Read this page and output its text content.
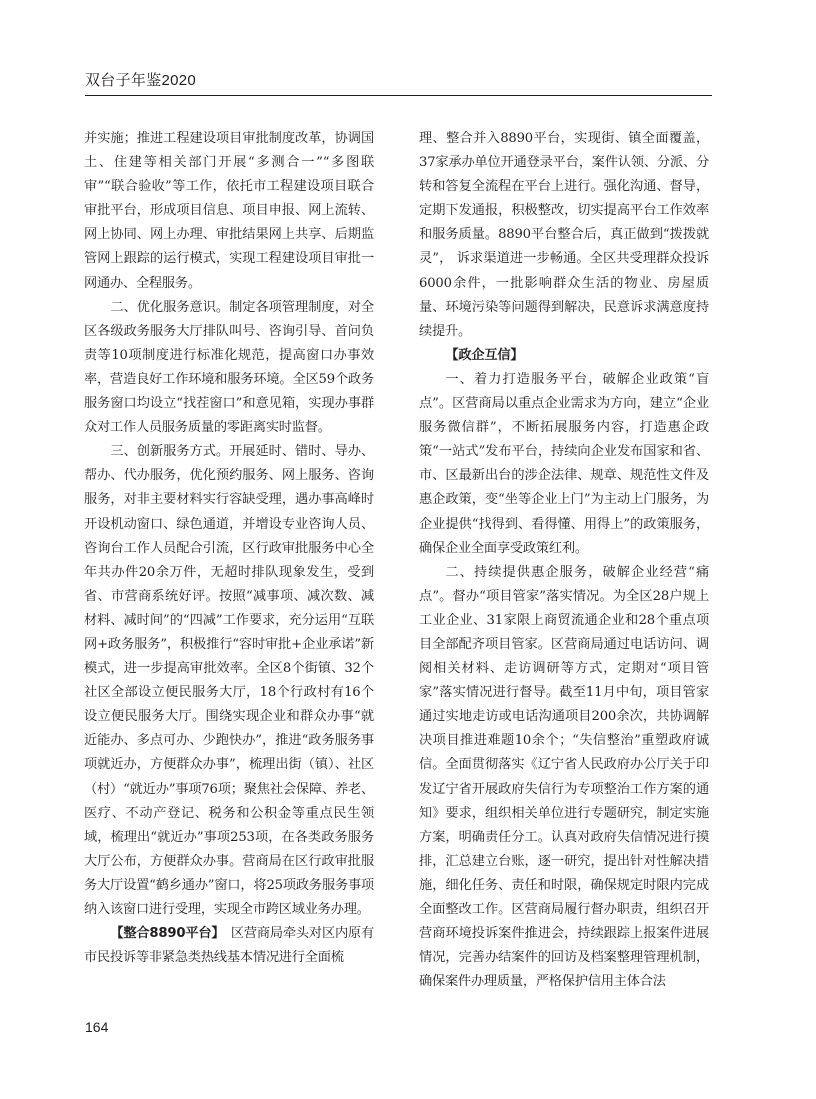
双台子年鉴2020

并实施；推进工程建设项目审批制度改革，协调国土、住建等相关部门开展“多测合一”“多图联审”“联合验收”等工作，依托市工程建设项目联合审批平台，形成项目信息、项目申报、网上流转、网上协同、网上办理、审批结果网上共享、后期监管网上跟踪的运行模式，实现工程建设项目审批一网通办、全程服务。

二、优化服务意识。制定各项管理制度，对全区各级政务服务大厅排队叫号、咨询引导、首问负责等10项制度进行标准化规范，提高窗口办事效率，营造良好工作环境和服务环境。全区59个政务服务窗口均设立“找茬窗口”和意见箱，实现办事群众对工作人员服务质量的零距离实时监督。

三、创新服务方式。开展延时、错时、导办、帮办、代办服务，优化预约服务、网上服务、咨询服务，对非主要材料实行容缺受理，遇办事高峰时开设机动窗口、绿色通道，并增设专业咨询人员、咨询台工作人员配合引流，区行政审批服务中心全年共办件20余万件，无超时排队现象发生，受到省、市营商系统好评。按照“减事项、减次数、减材料、减时间”的“四减”工作要求，充分运用“互联网+政务服务”，积极推行“容时审批+企业承诺”新模式，进一步提高审批效率。全区8个街镇、32个社区全部设立便民服务大厅，18个行政村有16个设立便民服务大厅。围绕实现企业和群众办事“就近能办、多点可办、少跑快办”，推进“政务服务事项就近办，方便群众办事”，梳理出街（镇）、社区（村）“就近办”事项76项；聚焦社会保障、养老、医疗、不动产登记、税务和公积金等重点民生领域，梳理出“就近办”事项253项，在各类政务服务大厅公布，方便群众办事。营商局在区行政审批服务大厅设置“鹤乡通办”窗口，将25项政务服务事项纳入该窗口进行受理，实现全市跨区域业务办理。

【整合8890平台】　 区营商局牵头对区内原有市民投诉等非紧急类热线基本情况进行全面梳

理、整合并入8890平台，实现街、镇全面覆盖，37家承办单位开通登录平台，案件认领、分派、分转和答复全流程在平台上进行。强化沟通、督导，定期下发通报，积极整改，切实提高平台工作效率和服务质量。8890平台整合后，真正做到“拨拨就灵”， 诉求渠道进一步畅通。全区共受理群众投诉6000余件，一批影响群众生活的物业、房屋质量、环境污染等问题得到解决，民意诉求满意度持续提升。

【政企互信】

一、着力打造服务平台，破解企业政策“盲点”。区营商局以重点企业需求为方向，建立“企业服务微信群”，不断拓展服务内容，打造惠企政策“一站式”发布平台，持续向企业发布国家和省、市、区最新出台的涉企法律、规章、规范性文件及惠企政策，变“坐等企业上门”为主动上门服务，为企业提供“找得到、看得懂、用得上”的政策服务，确保企业全面享受政策红利。

二、持续提供惠企服务，破解企业经营“痛点”。督办“项目管家”落实情况。为全区28户规上工业企业、31家限上商贸流通企业和28个重点项目全部配齐项目管家。区营商局通过电话访问、调阅相关材料、走访调研等方式，定期对“项目管家”落实情况进行督导。截至11月中旬，项目管家通过实地走访或电话沟通项目200余次，共协调解决项目推进难题10余个；“失信整治”重塑政府诚信。全面贯彻落实《辽宁省人民政府办公厅关于印发辽宁省开展政府失信行为专项整治工作方案的通知》要求，组织相关单位进行专题研究，制定实施方案，明确责任分工。认真对政府失信情况进行摸排，汇总建立台账，逐一研究，提出针对性解决措施，细化任务、责任和时限，确保规定时限内完成全面整改工作。区营商局履行督办职责，组织召开营商环境投诉案件推进会，持续跟踪上报案件进展情况，完善办结案件的回访及档案整理管理机制，确保案件办理质量，严格保护信用主体合法

164
